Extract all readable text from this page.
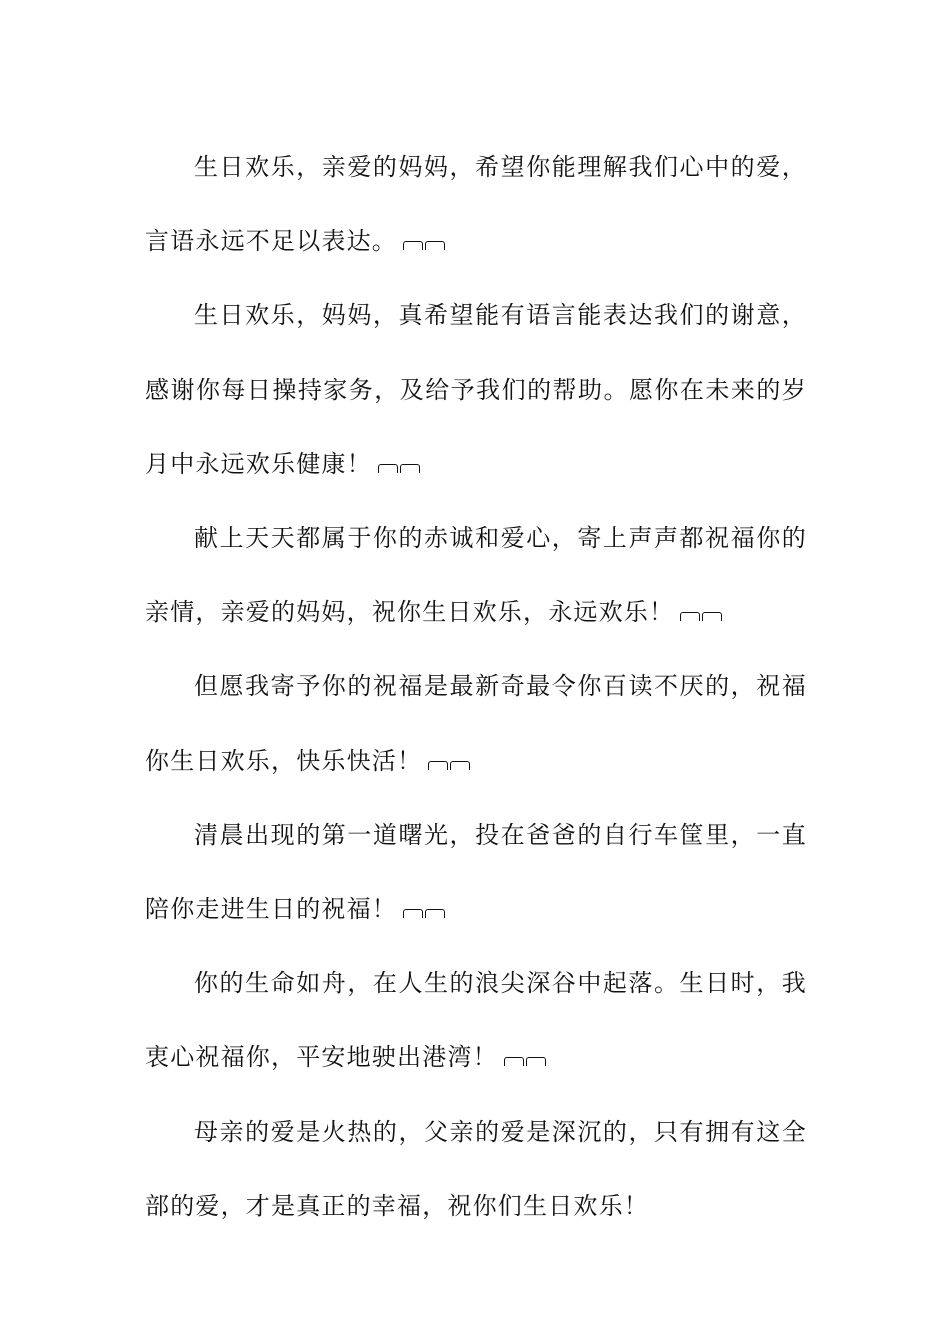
生日欢乐，亲爱的妈妈，希望你能理解我们心中的爱，言语永远不足以表达。

生日欢乐，妈妈，真希望能有语言能表达我们的谢意，感谢你每日操持家务，及给予我们的帮助。愿你在未来的岁月中永远欢乐健康！

献上天天都属于你的赤诚和爱心，寄上声声都祝福你的亲情，亲爱的妈妈，祝你生日欢乐，永远欢乐！

但愿我寄予你的祝福是最新奇最令你百读不厌的，祝福你生日欢乐，快乐快活！

清晨出现的第一道曙光，投在爸爸的自行车筐里，一直陪你走进生日的祝福！

你的生命如舟，在人生的浪尖深谷中起落。生日时，我衷心祝福你，平安地驶出港湾！

母亲的爱是火热的，父亲的爱是深沉的，只有拥有这全部的爱，才是真正的幸福，祝你们生日欢乐！
